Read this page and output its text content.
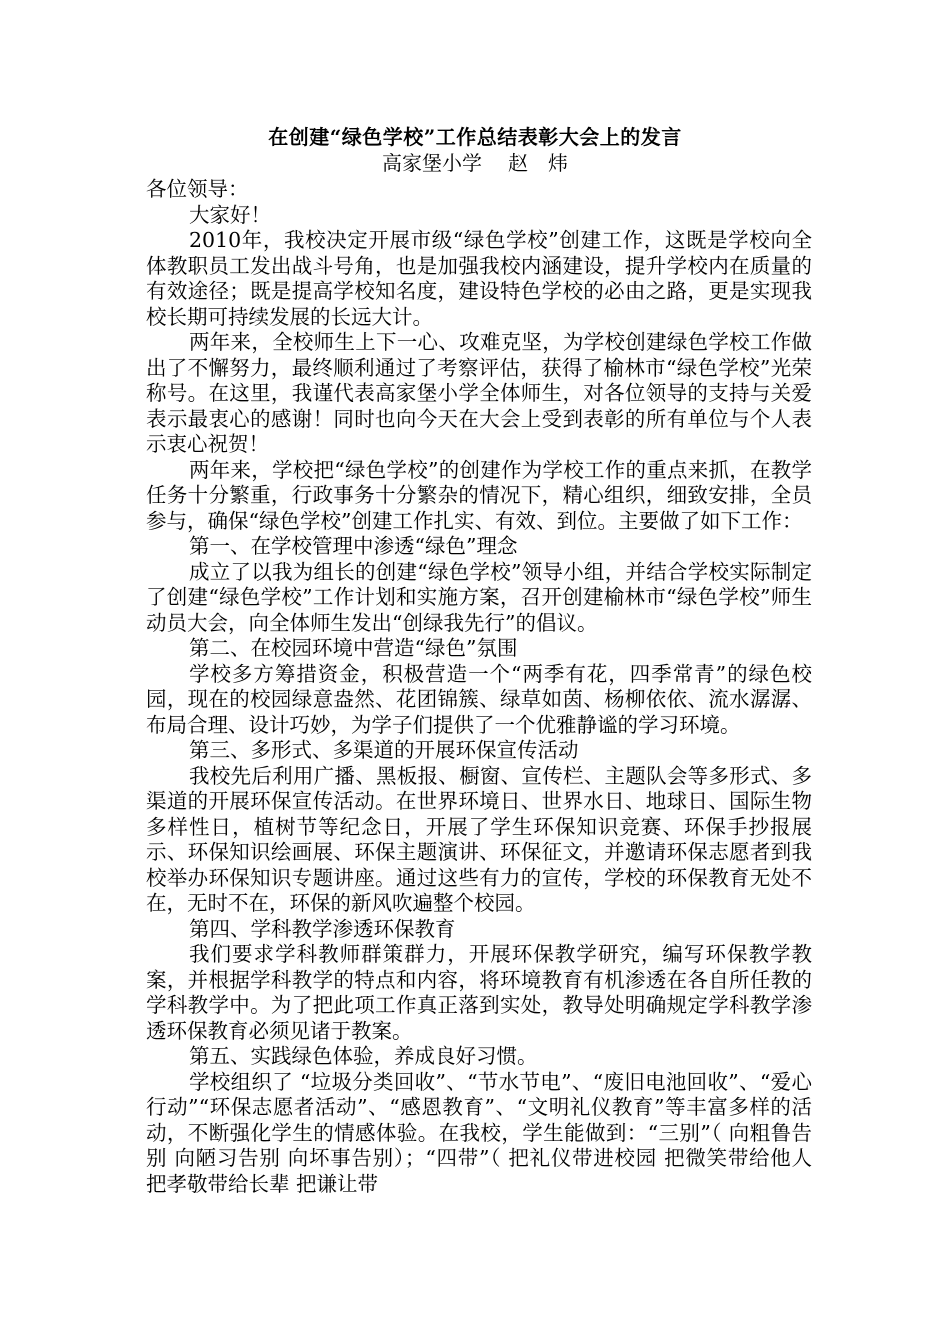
在创建“绿色学校”工作总结表彰大会上的发言
高家堡小学 赵　炜

各位领导：

大家好！

2010年，我校决定开展市级“绿色学校”创建工作，这既是学校向全体教职员工发出战斗号角，也是加强我校内涵建设，提升学校内在质量的有效途径；既是提高学校知名度，建设特色学校的必由之路，更是实现我校长期可持续发展的长远大计。

两年来，全校师生上下一心、攻难克坚，为学校创建绿色学校工作做出了不懈努力，最终顺利通过了考察评估，获得了榆林市“绿色学校”光荣称号。在这里，我谨代表高家堡小学全体师生，对各位领导的支持与关爱表示最衷心的感谢！同时也向今天在大会上受到表彰的所有单位与个人表示衷心祝贺！

两年来，学校把“绿色学校”的创建作为学校工作的重点来抓，在教学任务十分繁重，行政事务十分繁杂的情况下，精心组织，细致安排，全员参与，确保“绿色学校”创建工作扎实、有效、到位。主要做了如下工作：

第一、在学校管理中渗透“绿色”理念

成立了以我为组长的创建“绿色学校”领导小组，并结合学校实际制定了创建“绿色学校”工作计划和实施方案，召开创建榆林市“绿色学校”师生动员大会，向全体师生发出“创绿我先行”的倡议。

第二、在校园环境中营造“绿色”氛围

学校多方筹措资金，积极营造一个“两季有花，四季常青”的绿色校园，现在的校园绿意盎然、花团锦簇、绿草如茵、杨柳依依、流水潺潺、布局合理、设计巧妙，为学子们提供了一个优雅静谧的学习环境。

第三、多形式、多渠道的开展环保宣传活动

我校先后利用广播、黑板报、橱窗、宣传栏、主题队会等多形式、多渠道的开展环保宣传活动。在世界环境日、世界水日、地球日、国际生物多样性日，植树节等纪念日，开展了学生环保知识竞赛、环保手抄报展示、环保知识绘画展、环保主题演讲、环保征文，并邀请环保志愿者到我校举办环保知识专题讲座。通过这些有力的宣传，学校的环保教育无处不在，无时不在，环保的新风吹遍整个校园。

第四、学科教学渗透环保教育

我们要求学科教师群策群力，开展环保教学研究，编写环保教学教案，并根据学科教学的特点和内容，将环境教育有机渗透在各自所任教的学科教学中。为了把此项工作真正落到实处，教导处明确规定学科教学渗透环保教育必须见诸于教案。

第五、实践绿色体验，养成良好习惯。

学校组织了 “垃圾分类回收”、“节水节电”、“废旧电池回收”、“爱心行动”“环保志愿者活动”、“感恩教育”、“文明礼仪教育”等丰富多样的活动，不断强化学生的情感体验。在我校，学生能做到：“三别”（ 向粗鲁告别 向陋习告别 向坏事告别）；“四带”（ 把礼仪带进校园 把微笑带给他人 把孝敬带给长辈 把谦让带
